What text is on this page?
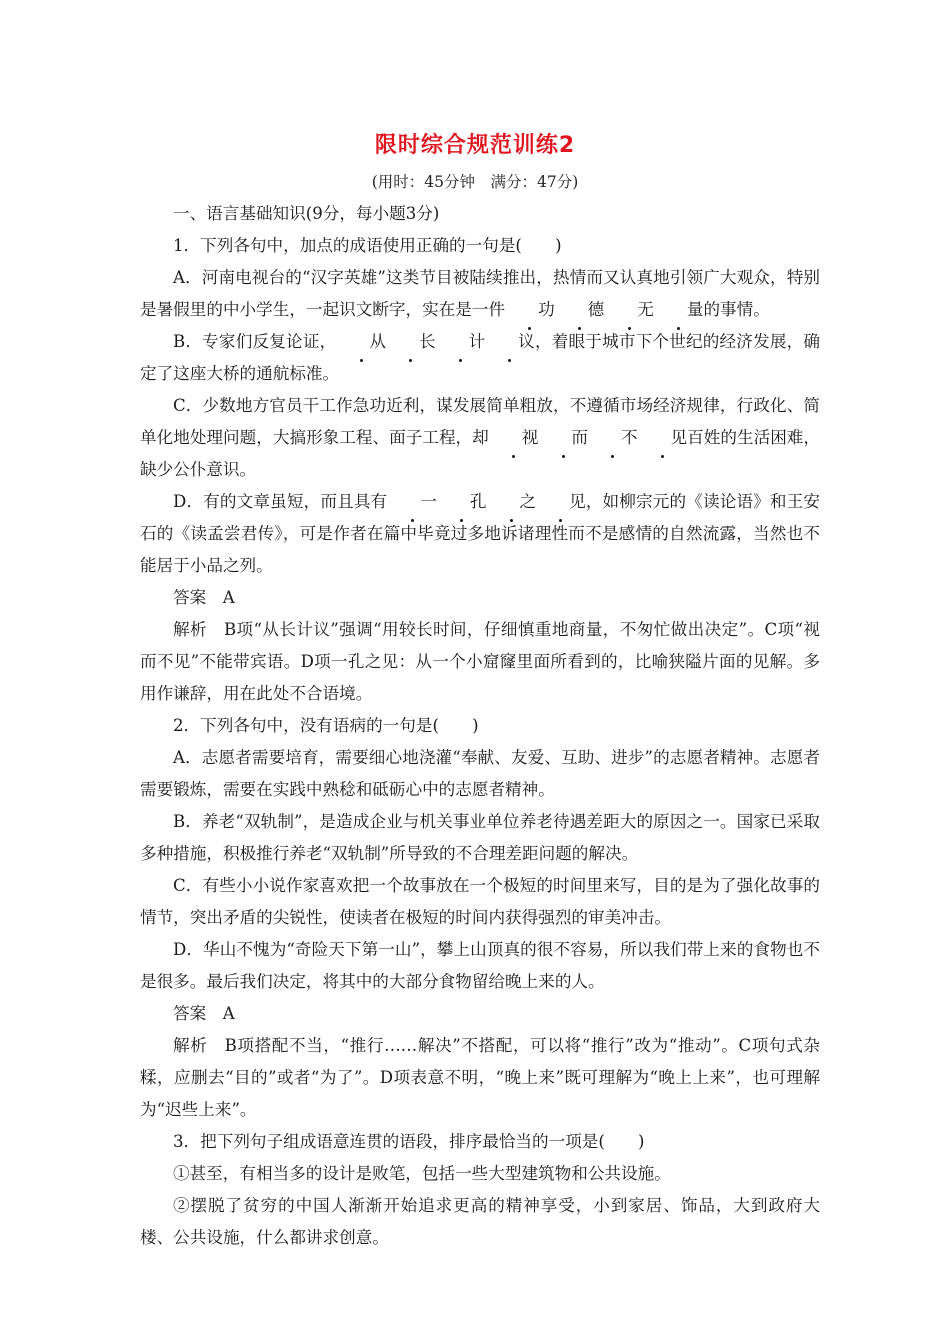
限时综合规范训练2
(用时：45分钟　满分：47分)

一、语言基础知识(9分，每小题3分)

1．下列各句中，加点的成语使用正确的一句是(　　)

A．河南电视台的“汉字英雄”这类节目被陆续推出，热情而又认真地引领广大观众，特别是暑假里的中小学生，一起识文断字，实在是一件 功 德 无 量的事情。

B．专家们反复论证， 从 长 计 议，着眼于城市下个世纪的经济发展，确定了这座大桥的通航标准。

C．少数地方官员干工作急功近利，谋发展简单粗放，不遵循市场经济规律，行政化、简单化地处理问题，大搞形象工程、面子工程，却 视 而 不 见百姓的生活困难，缺少公仆意识。

D．有的文章虽短，而且具有 一 孔 之 见，如柳宗元的《读论语》和王安石的《读孟尝君传》，可是作者在篇中毕竟过多地诉诸理性而不是感情的自然流露，当然也不能居于小品之列。

答案　A

解析　B项“从长计议”强调“用较长时间，仔细慎重地商量，不匆忙做出决定”。C项“视而不见”不能带宾语。D项一孔之见：从一个小窟窿里面所看到的，比喻狭隘片面的见解。多用作谦辞，用在此处不合语境。

2．下列各句中，没有语病的一句是(　　)

A．志愿者需要培育，需要细心地浇灌“奉献、友爱、互助、进步”的志愿者精神。志愿者需要锻炼，需要在实践中熟稔和砥砺心中的志愿者精神。

B．养老“双轨制”，是造成企业与机关事业单位养老待遇差距大的原因之一。国家已采取多种措施，积极推行养老“双轨制”所导致的不合理差距问题的解决。

C．有些小小说作家喜欢把一个故事放在一个极短的时间里来写，目的是为了强化故事的情节，突出矛盾的尖锐性，使读者在极短的时间内获得强烈的审美冲击。

D．华山不愧为“奇险天下第一山”，攀上山顶真的很不容易，所以我们带上来的食物也不是很多。最后我们决定，将其中的大部分食物留给晚上来的人。

答案　A

解析　B项搭配不当，“推行……解决”不搭配，可以将“推行”改为“推动”。C项句式杂糅，应删去“目的”或者“为了”。D项表意不明，“晚上来”既可理解为“晚上上来”，也可理解为“迟些上来”。

3．把下列句子组成语意连贯的语段，排序最恰当的一项是(　　)

①甚至，有相当多的设计是败笔，包括一些大型建筑物和公共设施。

②摆脱了贫穷的中国人渐渐开始追求更高的精神享受，小到家居、饰品，大到政府大楼、公共设施，什么都讲求创意。
